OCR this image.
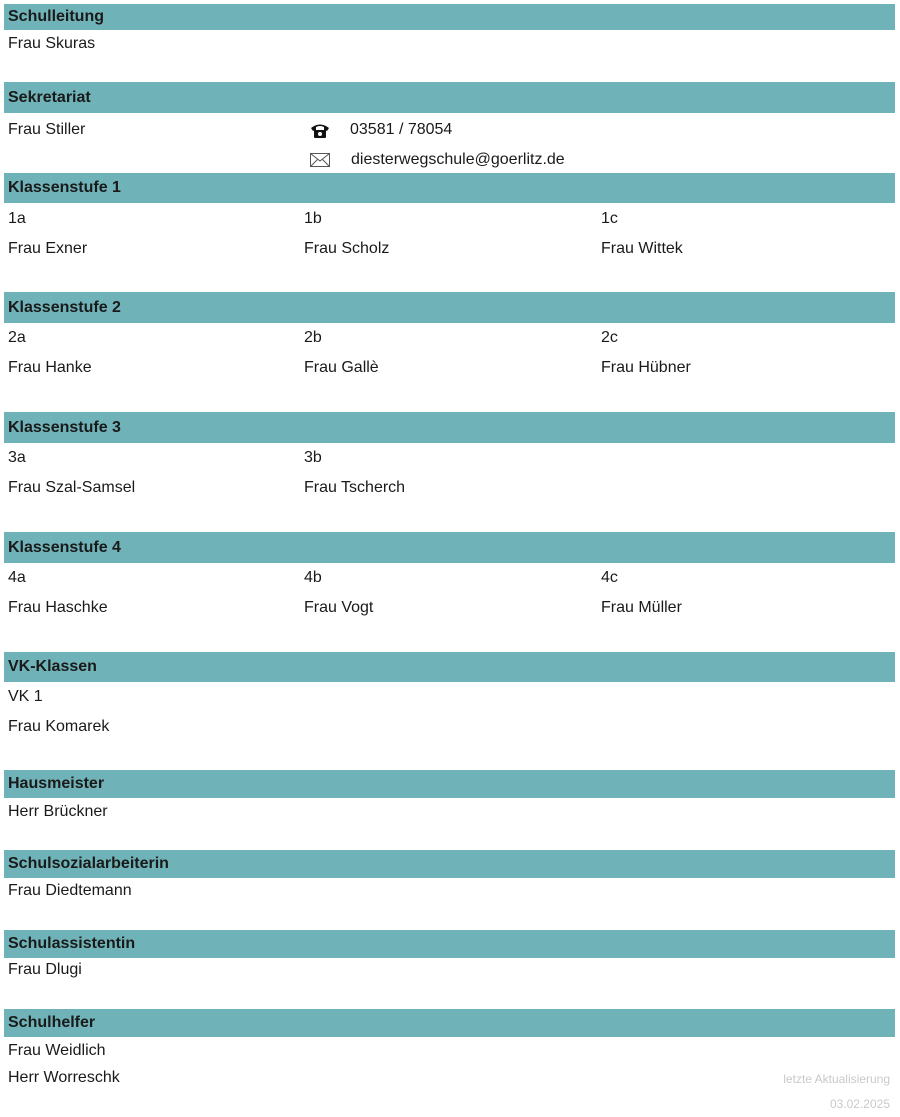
Schulleitung
Frau Skuras
Sekretariat
Frau Stiller	03581 / 78054
diesterwegschule@goerlitz.de
Klassenstufe 1
1a	1b	1c
Frau Exner	Frau Scholz	Frau Wittek
Klassenstufe 2
2a	2b	2c
Frau Hanke	Frau Gallè	Frau Hübner
Klassenstufe 3
3a	3b
Frau Szal-Samsel	Frau Tscherch
Klassenstufe 4
4a	4b	4c
Frau Haschke	Frau Vogt	Frau Müller
VK-Klassen
VK 1
Frau Komarek
Hausmeister
Herr Brückner
Schulsozialarbeiterin
Frau Diedtemann
Schulassistentin
Frau Dlugi
Schulhelfer
Frau Weidlich
Herr Worreschk	letzte Aktualisierung
03.02.2025
